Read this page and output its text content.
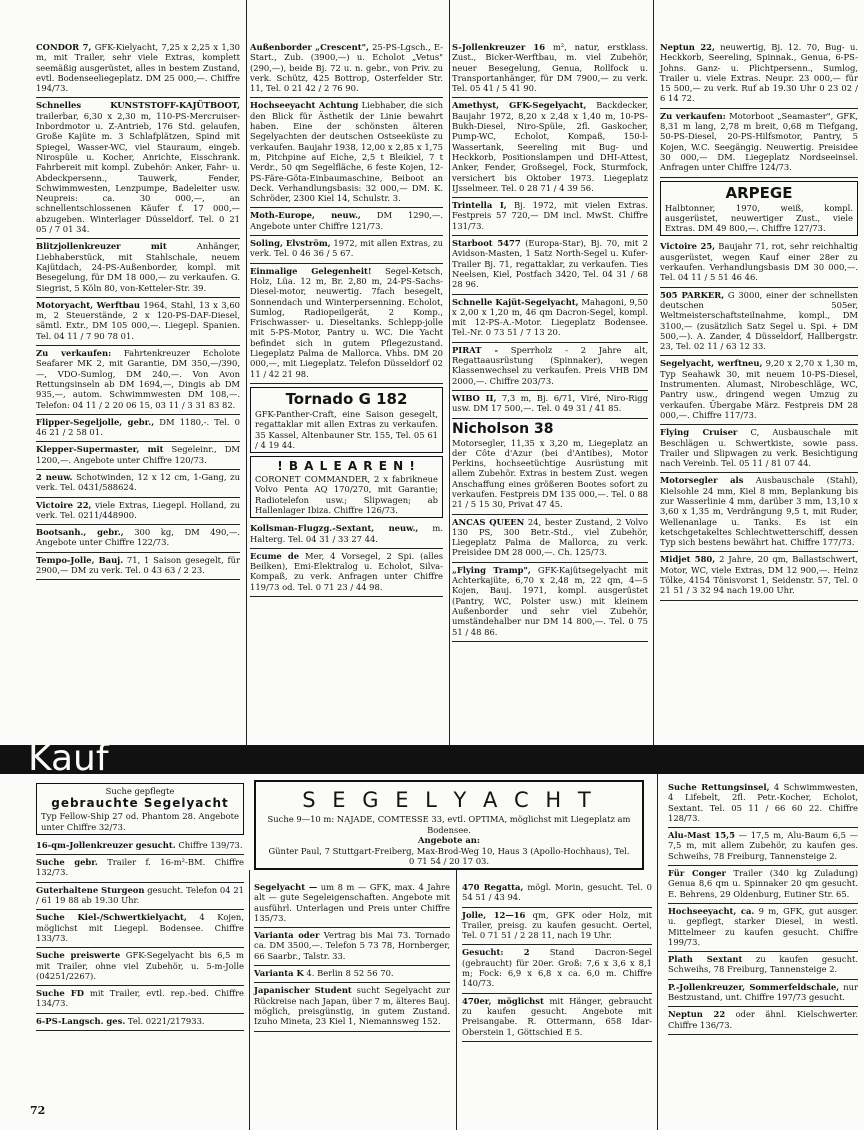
CONDOR 7, GFK-Kielyacht, 7,25 x 2,25 x 1,30 m, mit Trailer, sehr viele Extras, komplett seemäßig ausgerüstet, alles in bestem Zustand, evtl. Bodenseeliegeplatz. DM 25 000,—. Chiffre 194/73.
Schnelles KUNSTSTOFF-KAJÜTBOOT, trailerbar, 6,30 x 2,30 m, 110-PS-Mercruiser-Inbordmotor u. Z-Antrieb, 176 Std. gelaufen, Große Kajüte m. 3 Schlafplätzen, Spind mit Spiegel, Wasser-WC, viel Stauraum, eingeb. Nirospüle u. Kocher, Anrichte, Eisschrank. Fahrbereit mit kompl. Zubehör: Anker, Fahr- u. Abdeckpersenn., Tauwerk, Fender, Schwimmwesten, Lenzpumpe, Badeleiter usw. Neupreis: ca. 30 000,—, an schnellentschlossenen Käufer f. 17 000,— abzugeben. Winterlager Düsseldorf. Tel. 0 21 05 / 7 01 34.
Blitzjollenkreuzer mit Anhänger, Liebhaberstück, mit Stahlschale, neuem Kajütdach, 24-PS-Außenborder, kompl. mit Besegelung, für DM 18 000,— zu verkaufen. G. Siegrist, 5 Köln 80, von-Ketteler-Str. 39.
Motoryacht, Werftbau 1964, Stahl, 13 x 3,60 m, 2 Steuerstände, 2 x 120-PS-DAF-Diesel, sämtl. Extr., DM 105 000,—. Liegepl. Spanien. Tel. 04 11 / 7 90 78 01.
Zu verkaufen: Fahrtenkreuzer Echolote Seafarer MK 2, mit Garantie, DM 350,—/390,—, VDO-Sumlog, DM 240,—. Von Avon Rettungsinseln ab DM 1694,—, Dingis ab DM 935,—, autom. Schwimmwesten DM 108,—. Telefon: 04 11 / 2 20 06 15, 03 11 / 3 31 83 82.
Flipper-Segeljolle, gebr., DM 1180,-. Tel. 0 46 21 / 2 58 01.
Klepper-Supermaster, mit Segeleinr., DM 1200,—. Angebote unter Chiffre 120/73.
2 neuw. Schotwinden, 12 x 12 cm, 1-Gang, zu verk. Tel. 0431/588624.
Victoire 22, viele Extras, Liegepl. Holland, zu verk. Tel. 0211/448900.
Bootsanh., gebr., 300 kg, DM 490,—. Angebote unter Chiffre 122/73.
Tempo-Jolle, Bauj. 71, 1 Saison gesegelt, für 2900,— DM zu verk. Tel. 0 43 63 / 2 23.
Außenborder „Crescent", 25-PS-Lgsch., E-Start., Zub. (3900,—) u. Echolot „Vetus" (290,—), beide Bj. 72 u. n. gebr., von Priv. zu verk. Schütz, 425 Bottrop, Osterfelder Str. 11, Tel. 0 21 42 / 2 76 90.
Hochseeyacht Achtung Liebhaber, die sich den Blick für Ästhetik der Linie bewahrt haben. Eine der schönsten älteren Segelyachten der deutschen Ostseeküste zu verkaufen. Baujahr 1938, 12,00 x 2,85 x 1,75 m, Pitchpine auf Eiche, 2,5 t Bleikiel, 7 t Verdr., 50 qm Segelfläche, 6 feste Kojen, 12-PS-Färe-Göta-Einbaumaschine, Beiboot an Deck. Verhandlungsbasis: 32 000,— DM. K. Schröder, 2300 Kiel 14, Schulstr. 3.
Moth-Europe, neuw., DM 1290,—. Angebote unter Chiffre 121/73.
Soling, Elvström, 1972, mit allen Extras, zu verk. Tel. 0 46 36 / 5 67.
Einmalige Gelegenheit! Segel-Ketsch, Holz, Lüa. 12 m, Br. 2,80 m, 24-PS-Sachs-Diesel-motor, neuwertig. 7fach besegelt, Sonnendach und Winterpersenning. Echolot, Sumlog, Radiopeilgerät, 2 Komp., Frischwasser- u. Dieseltanks. Schlepp-jolle mit 5-PS-Motor, Pantry u. WC. Die Yacht befindet sich in gutem Pflegezustand. Liegeplatz Palma de Mallorca. Vhbs. DM 20 000,—, mit Liegeplatz. Telefon Düsseldorf 02 11 / 42 21 98.
Tornado G 182
GFK-Panther-Craft, eine Saison gesegelt, regattaklar mit allen Extras zu verkaufen. 35 Kassel, Altenbauner Str. 155, Tel. 05 61 / 4 19 44.
! B A L E A R E N !
CORONET COMMANDER, 2 x fabrikneue Volvo Penta AQ 170/270, mit Garantie; Radiotelefon usw.; Slipwagen; ab Hallenlager Ibiza. Chiffre 126/73.
Kollsman-Flugzg.-Sextant, neuw., m. Halterg. Tel. 04 31 / 33 27 44.
Ecume de Mer, 4 Vorsegel, 2 Spi. (alles Beilken), Emi-Elektralog u. Echolot, Silva-Kompaß, zu verk. Anfragen unter Chiffre 119/73 od. Tel. 0 71 23 / 44 98.
S-Jollenkreuzer 16 m², natur, erstklass. Zust., Bicker-Werftbau, m. viel Zubehör, neuer Besegelung, Genua, Rollfock u. Transportanhänger, für DM 7900,— zu verk. Tel. 05 41 / 5 41 90.
Amethyst, GFK-Segelyacht, Backdecker, Baujahr 1972, 8,20 x 2,48 x 1,40 m, 10-PS-Bukh-Diesel, Niro-Spüle, 2fl. Gaskocher, Pump-WC, Echolot, Kompaß, 150-l-Wassertank, Seereling mit Bug- und Heckkorb, Positionslampen und DHI-Attest, Anker, Fender, Großsegel, Fock, Sturmfock, versichert bis Oktober 1973. Liegeplatz IJsselmeer. Tel. 0 28 71 / 4 39 56.
Trintella I, Bj. 1972, mit vielen Extras. Festpreis 57 720,— DM incl. MwSt. Chiffre 131/73.
Starboot 5477 (Europa-Star), Bj. 70, mit 2 Avidson-Masten, 1 Satz North-Segel u. Kufer-Trailer Bj. 71, regattaklar, zu verkaufen. Ties Neelsen, Kiel, Postfach 3420, Tel. 04 31 / 68 28 96.
Schnelle Kajüt-Segelyacht, Mahagoni, 9,50 x 2,00 x 1,20 m, 46 qm Dacron-Segel, kompl. mit 12-PS-A.-Motor. Liegeplatz Bodensee. Tel.-Nr. 0 73 51 / 7 13 20.
PIRAT - Sperrholz - 2 Jahre alt, Regattaausrüstung (Spinnaker), wegen Klassenwechsel zu verkaufen. Preis VHB DM 2000,—. Chiffre 203/73.
WIBO II, 7,3 m, Bj. 6/71, Viré, Niro-Rigg usw. DM 17 500,—. Tel. 0 49 31 / 41 85.
Nicholson 38
Motorsegler, 11,35 x 3,20 m, Liegeplatz an der Côte d'Azur (bei d'Antibes), Motor Perkins, hochseetüchtige Ausrüstung mit allem Zubehör. Extras in bestem Zust. wegen Anschaffung eines größeren Bootes sofort zu verkaufen. Festpreis DM 135 000,—. Tel. 0 88 21 / 5 15 30, Privat 47 45.
ANCAS QUEEN 24, bester Zustand, 2 Volvo 130 PS, 300 Betr.-Std., viel Zubehör, Liegeplatz Palma de Mallorca, zu verk. Preisidee DM 28 000,—. Ch. 125/73.
„Flying Tramp", GFK-Kajütsegelyacht mit Achterkajüte, 6,70 x 2,48 m, 22 qm, 4—5 Kojen, Bauj. 1971, kompl. ausgerüstet (Pantry, WC, Polster usw.) mit kleinem Außenborder und sehr viel Zubehör, umständehalber nur DM 14 800,—. Tel. 0 75 51 / 48 86.
Neptun 22, neuwertig, Bj. 12. 70, Bug- u. Heckkorb, Seereling, Spinnak., Genua, 6-PS-Johns. Ganz- u. Plichtpersenn., Sumlog, Trailer u. viele Extras. Neupr. 23 000,— für 15 500,— zu verk. Ruf ab 19.30 Uhr 0 23 02 / 6 14 72.
Zu verkaufen: Motorboot „Seamaster", GFK, 8,31 m lang, 2,78 m breit, 0,68 m Tiefgang, 50-PS-Diesel, 20-PS-Hilfsmotor, Pantry, 5 Kojen, W.C. Seegängig. Neuwertig. Preisidee 30 000,— DM. Liegeplatz Nordseeinsel. Anfragen unter Chiffre 124/73.
ARPEGE
Halbtonner, 1970, weiß, kompl. ausgerüstet, neuwertiger Zust., viele Extras. DM 49 800,—. Chiffre 127/73.
Victoire 25, Baujahr 71, rot, sehr reichhaltig ausgerüstet, wegen Kauf einer 28er zu verkaufen. Verhandlungsbasis DM 30 000,—. Tel. 04 11 / 5 51 46 46.
505 PARKER, G 3000, einer der schnellsten deutschen 505er, Weltmeisterschaftsteilnahme, kompl., DM 3100,— (zusätzlich Satz Segel u. Spi. + DM 500,—). A. Zander, 4 Düsseldorf, Hallbergstr. 23, Tel. 02 11 / 63 12 33.
Segelyacht, werftneu, 9,20 x 2,70 x 1,30 m, Typ Seahawk 30, mit neuem 10-PS-Diesel, Instrumenten. Alumast, Nirobeschläge, WC, Pantry usw., dringend wegen Umzug zu verkaufen. Übergabe März. Festpreis DM 28 000,—. Chiffre 117/73.
Flying Cruiser C, Ausbauschale mit Beschlägen u. Schwertkiste, sowie pass. Trailer und Slipwagen zu verk. Besichtigung nach Vereinb. Tel. 05 11 / 81 07 44.
Motorsegler als Ausbauschale (Stahl), Kielsohle 24 mm, Kiel 8 mm, Beplankung bis zur Wasserlinie 4 mm, darüber 3 mm, 13,10 x 3,60 x 1,35 m, Verdrängung 9,5 t, mit Ruder, Wellenanlage u. Tanks. Es ist ein ketschgetakeltes Schlechtwetterschiff, dessen Typ sich bestens bewährt hat. Chiffre 177/73.
Midjet 580, 2 Jahre, 20 qm, Ballastschwert, Motor, WC, viele Extras, DM 12 900,—. Heinz Tölke, 4154 Tönisvorst 1, Seidenstr. 57, Tel. 0 21 51 / 3 32 94 nach 19.00 Uhr.
Kauf
S E G E L Y A C H T
Suche 9—10 m: NAJADE, COMTESSE 33, evtl. OPTIMA, möglichst mit Liegeplatz am Bodensee.
Angebote an:
Günter Paul, 7 Stuttgart-Freiberg, Max-Brod-Weg 10, Haus 3 (Apollo-Hochhaus), Tel. 0 71 54 / 20 17 03.
Suche gepflegte
gebrauchte Segelyacht
Typ Fellow-Ship 27 od. Phantom 28. Angebote unter Chiffre 32/73.
16-qm-Jollenkreuzer gesucht. Chiffre 139/73.
Suche gebr. Trailer f. 16-m²-BM. Chiffre 132/73.
Guterhaltene Sturgeon gesucht. Telefon 04 21 / 61 19 88 ab 19.30 Uhr.
Suche Kiel-/Schwertkielyacht, 4 Kojen, möglichst mit Liegepl. Bodensee. Chiffre 133/73.
Suche preiswerte GFK-Segelyacht bis 6,5 m mit Trailer, ohne viel Zubehör, u. 5-m-Jolle (04251/2267).
Suche FD mit Trailer, evtl. rep.-bed. Chiffre 134/73.
6-PS-Langsch. ges. Tel. 0221/217933.
Segelyacht — um 8 m — GFK, max. 4 Jahre alt — gute Segeleigenschaften. Angebote mit ausführl. Unterlagen und Preis unter Chiffre 135/73.
Varianta oder Vertrag bis Mai 73. Tornado ca. DM 3500,—. Telefon 5 73 78, Hornberger, 66 Saarbr., Talstr. 33.
Varianta K 4. Berlin 8 52 56 70.
Japanischer Student sucht Segelyacht zur Rückreise nach Japan, über 7 m, älteres Bauj. möglich, preisgünstig, in gutem Zustand. Izuho Mineta, 23 Kiel 1, Niemannsweg 152.
470 Regatta, mögl. Morin, gesucht. Tel. 0 54 51 / 43 94.
Jolle, 12—16 qm, GFK oder Holz, mit Trailer, preisg. zu kaufen gesucht. Oertel, Tel. 0 71 51 / 2 28 11, nach 19 Uhr.
Gesucht: 2 Stand Dacron-Segel (gebraucht) für 20er. Groß: 7,6 x 3,6 x 8,1 m; Fock: 6,9 x 6,8 x ca. 6,0 m. Chiffre 140/73.
470er, möglichst mit Hänger, gebraucht zu kaufen gesucht. Angebote mit Preisangabe. R. Ottermann, 658 Idar-Oberstein 1, Göttschied E 5.
Suche Rettungsinsel, 4 Schwimmwesten, 4 Lifebelt, 2fl. Petr.-Kocher, Echolot, Sextant. Tel. 05 11 / 66 60 22. Chiffre 128/73.
Alu-Mast 15,5 — 17,5 m, Alu-Baum 6,5 — 7,5 m, mit allem Zubehör, zu kaufen ges. Schweihs, 78 Freiburg, Tannensteige 2.
Für Conger Trailer (340 kg Zuladung) Genua 8,6 qm u. Spinnaker 20 qm gesucht. E. Behrens, 29 Oldenburg, Eutiner Str. 65.
Hochseeyacht, ca. 9 m, GFK, gut ausger. u. gepflegt, starker Diesel, in westl. Mittelmeer zu kaufen gesucht. Chiffre 199/73.
Plath Sextant zu kaufen gesucht. Schweihs, 78 Freiburg, Tannensteige 2.
P.-Jollenkreuzer, Sommerfeldschale, nur Bestzustand, unt. Chiffre 197/73 gesucht.
Neptun 22 oder ähnl. Kielschwerter. Chiffre 136/73.
72
